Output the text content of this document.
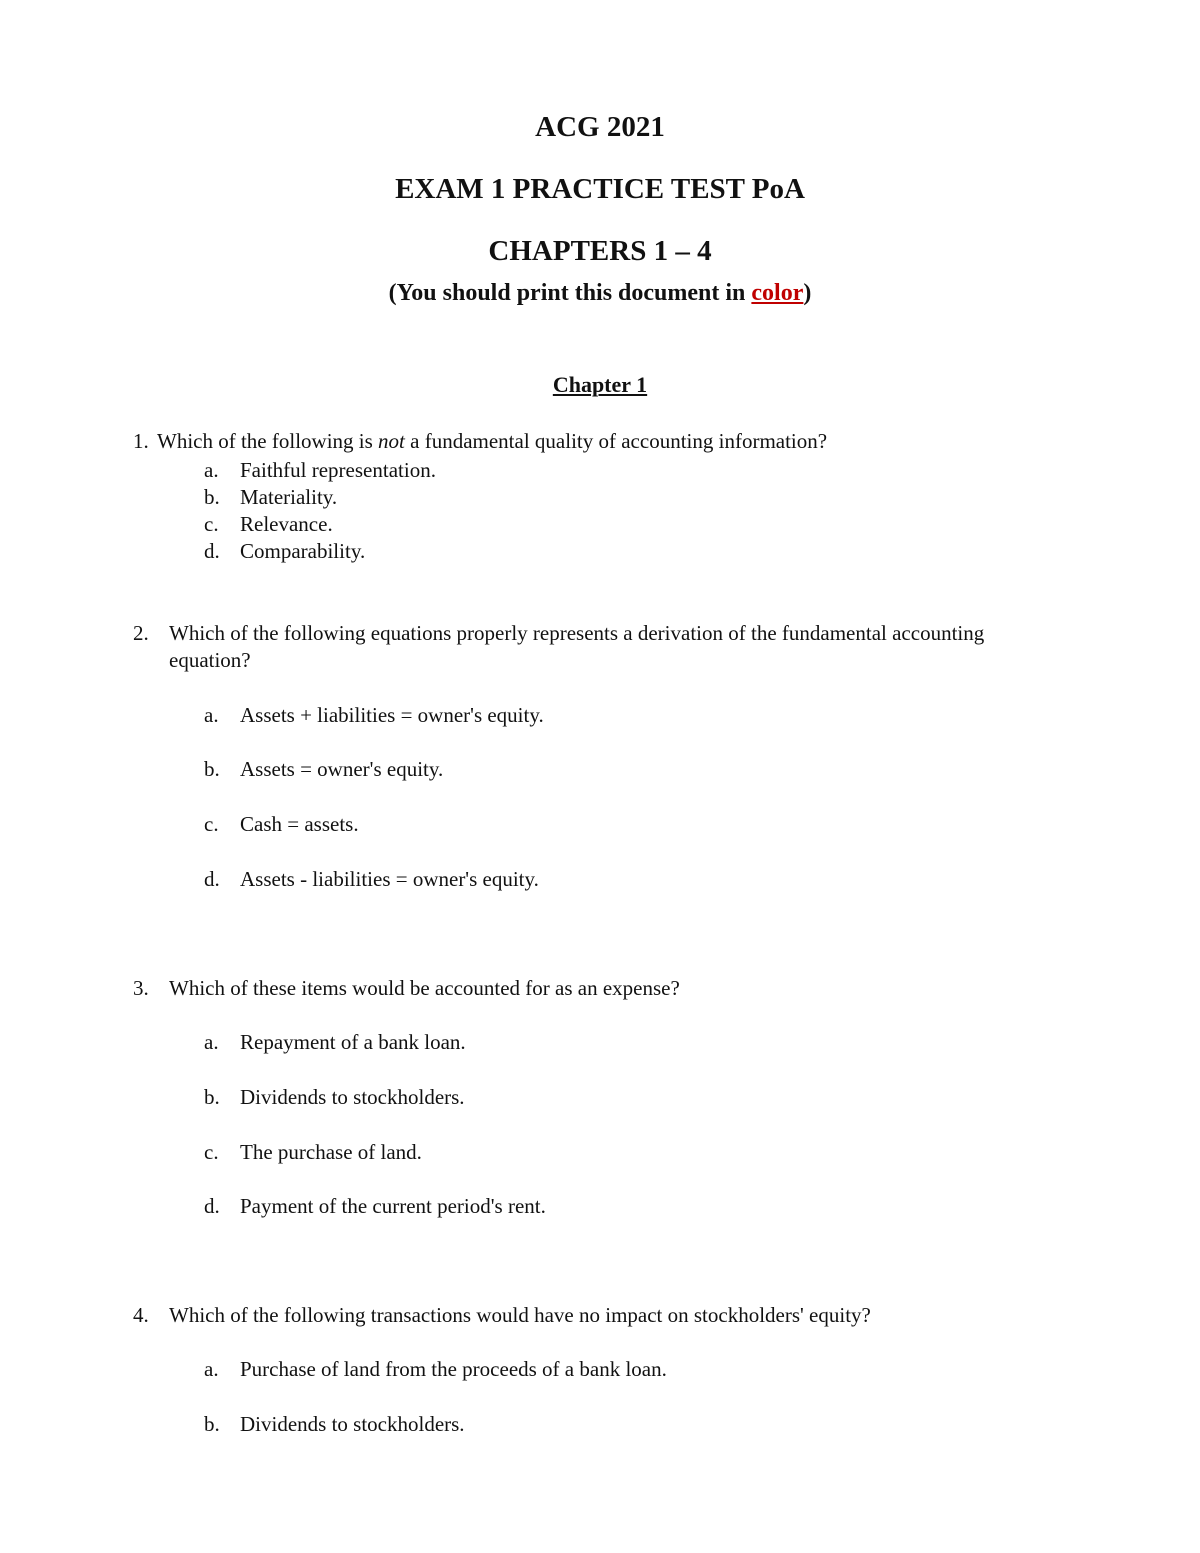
ACG 2021
EXAM 1 PRACTICE TEST PoA
CHAPTERS 1 – 4
(You should print this document in color)
Chapter 1
1. Which of the following is not a fundamental quality of accounting information?
a. Faithful representation.
b. Materiality.
c. Relevance.
d. Comparability.
2. Which of the following equations properly represents a derivation of the fundamental accounting
equation?
a. Assets + liabilities = owner's equity.
b. Assets = owner's equity.
c. Cash = assets.
d. Assets - liabilities = owner's equity.
3. Which of these items would be accounted for as an expense?
a. Repayment of a bank loan.
b. Dividends to stockholders.
c. The purchase of land.
d. Payment of the current period's rent.
4. Which of the following transactions would have no impact on stockholders' equity?
a. Purchase of land from the proceeds of a bank loan.
b. Dividends to stockholders.
